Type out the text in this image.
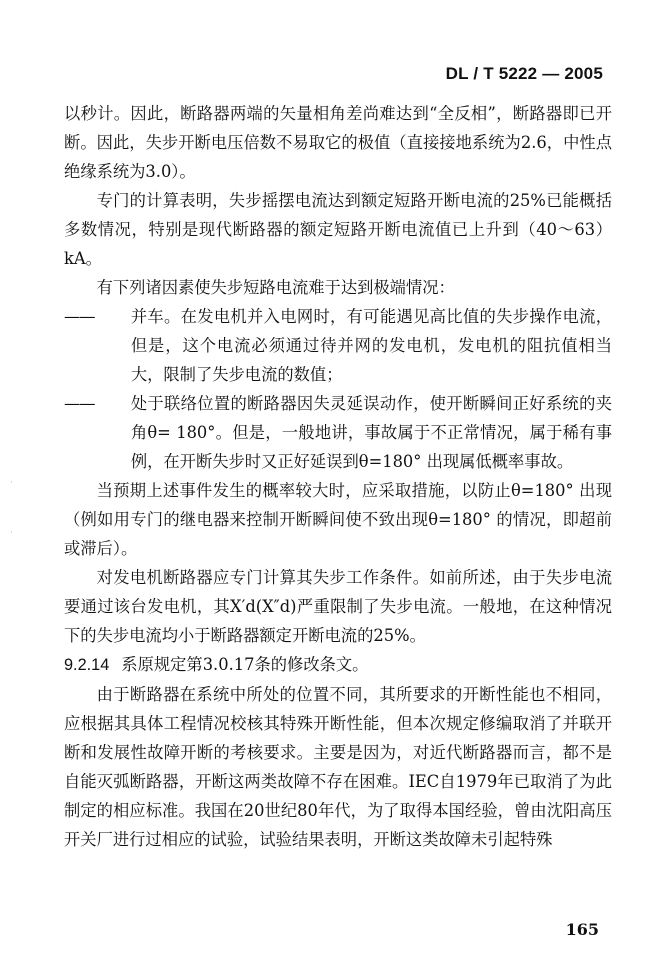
DL / T 5222 — 2005

以秒计。因此，断路器两端的矢量相角差尚难达到“全反相”，断路器即已开断。因此，失步开断电压倍数不易取它的极值（直接接地系统为2.6，中性点绝缘系统为3.0）。

专门的计算表明，失步摇摆电流达到额定短路开断电流的25%已能概括多数情况，特别是现代断路器的额定短路开断电流值已上升到（40～63）kA。

有下列诸因素使失步短路电流难于达到极端情况：

——	并车。在发电机并入电网时，有可能遇见高比值的失步操作电流，但是，这个电流必须通过待并网的发电机，发电机的阻抗值相当大，限制了失步电流的数值；
——	处于联络位置的断路器因失灵延误动作，使开断瞬间正好系统的夹角θ= 180°。但是，一般地讲，事故属于不正常情况，属于稀有事例，在开断失步时又正好延误到θ=180° 出现属低概率事故。

当预期上述事件发生的概率较大时，应采取措施，以防止θ=180° 出现（例如用专门的继电器来控制开断瞬间使不致出现θ=180° 的情况，即超前或滞后）。

对发电机断路器应专门计算其失步工作条件。如前所述，由于失步电流要通过该台发电机，其X′d(X″d)严重限制了失步电流。一般地，在这种情况下的失步电流均小于断路器额定开断电流的25%。

9.2.14 系原规定第3.0.17条的修改条文。

由于断路器在系统中所处的位置不同，其所要求的开断性能也不相同，应根据其具体工程情况校核其特殊开断性能，但本次规定修编取消了并联开断和发展性故障开断的考核要求。主要是因为，对近代断路器而言，都不是自能灭弧断路器，开断这两类故障不存在困难。IEC自1979年已取消了为此制定的相应标准。我国在20世纪80年代，为了取得本国经验，曾由沈阳高压开关厂进行过相应的试验，试验结果表明，开断这类故障未引起特殊

165
·
·
